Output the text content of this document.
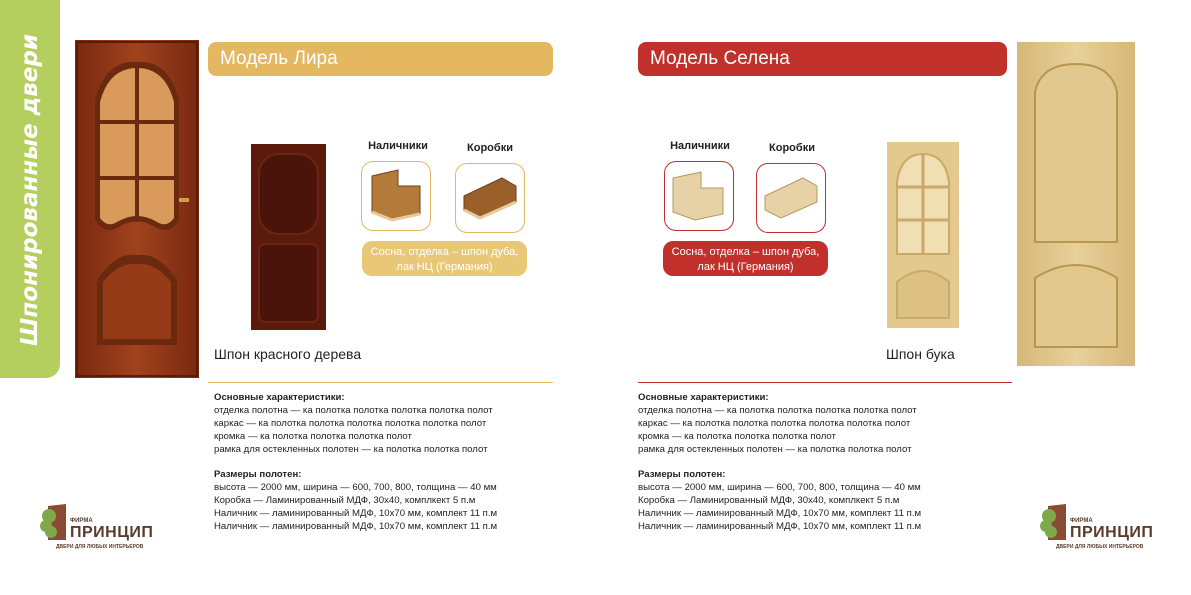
Шпонированные двери	Модель Лира
Наличники	Коробки
Сосна, отделка – шпон дуба, лак НЦ (Германия)
Шпон красного дерева
Модель Селена
Наличники	Коробки
Сосна, отделка – шпон дуба, лак НЦ (Германия)
Шпон бука
Основные характеристики:
отделка полотна — ка полотка полотка полотка полотка полот
каркас — ка полотка полотка полотка полотка полотка полот
кромка — ка полотка полотка полотка полот
рамка для остекленных полотен — ка полотка полотка полот
Размеры полотен:
высота — 2000 мм, ширина — 600, 700, 800, толщина — 40 мм
Коробка — Ламинированный МДФ, 30х40, комплкект 5 п.м
Наличник — ламинированный МДФ, 10х70 мм, комплект 11 п.м
Наличник — ламинированный МДФ, 10х70 мм, комплект 11 п.м
Основные характеристики:
отделка полотна — ка полотка полотка полотка полотка полот
каркас — ка полотка полотка полотка полотка полотка полот
кромка — ка полотка полотка полотка полот
рамка для остекленных полотен — ка полотка полотка полот
Размеры полотен:
высота — 2000 мм, ширина — 600, 700, 800, толщина — 40 мм
Коробка — Ламинированный МДФ, 30х40, комплкект 5 п.м
Наличник — ламинированный МДФ, 10х70 мм, комплект 11 п.м
Наличник — ламинированный МДФ, 10х70 мм, комплект 11 п.м
ФИРМА
ПРИНЦИП
ДВЕРИ ДЛЯ ЛЮБЫХ ИНТЕРЬЕРОВ
ФИРМА
ПРИНЦИП
ДВЕРИ ДЛЯ ЛЮБЫХ ИНТЕРЬЕРОВ
